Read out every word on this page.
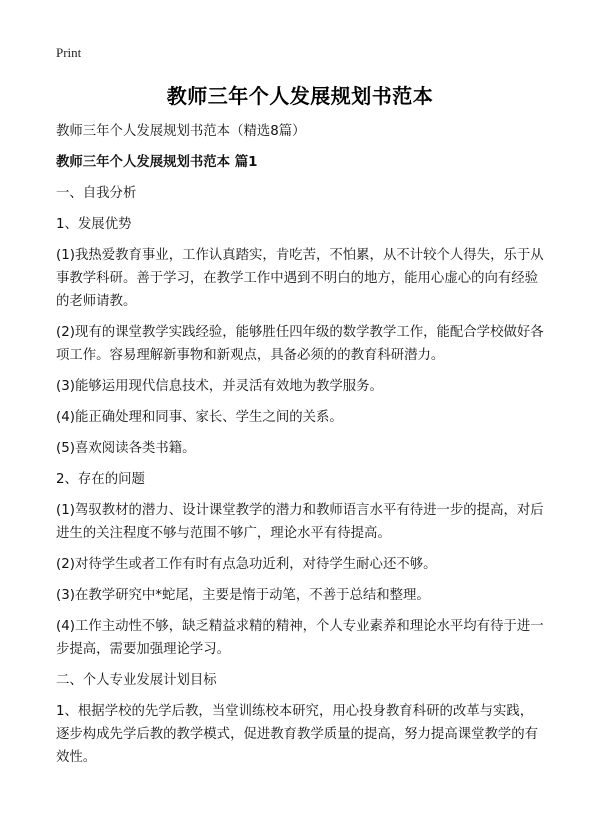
Print
教师三年个人发展规划书范本

教师三年个人发展规划书范本（精选8篇）

教师三年个人发展规划书范本 篇1

一、自我分析

1、发展优势

(1)我热爱教育事业，工作认真踏实，肯吃苦，不怕累，从不计较个人得失，乐于从事教学科研。善于学习，在教学工作中遇到不明白的地方，能用心虚心的向有经验的老师请教。

(2)现有的课堂教学实践经验，能够胜任四年级的数学教学工作，能配合学校做好各项工作。容易理解新事物和新观点，具备必须的的教育科研潜力。

(3)能够运用现代信息技术，并灵活有效地为教学服务。

(4)能正确处理和同事、家长、学生之间的关系。

(5)喜欢阅读各类书籍。

2、存在的问题

(1)驾驭教材的潜力、设计课堂教学的潜力和教师语言水平有待进一步的提高，对后进生的关注程度不够与范围不够广，理论水平有待提高。

(2)对待学生或者工作有时有点急功近利，对待学生耐心还不够。

(3)在教学研究中*蛇尾，主要是惰于动笔，不善于总结和整理。

(4)工作主动性不够，缺乏精益求精的精神，个人专业素养和理论水平均有待于进一步提高，需要加强理论学习。

二、个人专业发展计划目标

1、根据学校的先学后教，当堂训练校本研究，用心投身教育科研的改革与实践，逐步构成先学后教的教学模式，促进教育教学质量的提高，努力提高课堂教学的有效性。
